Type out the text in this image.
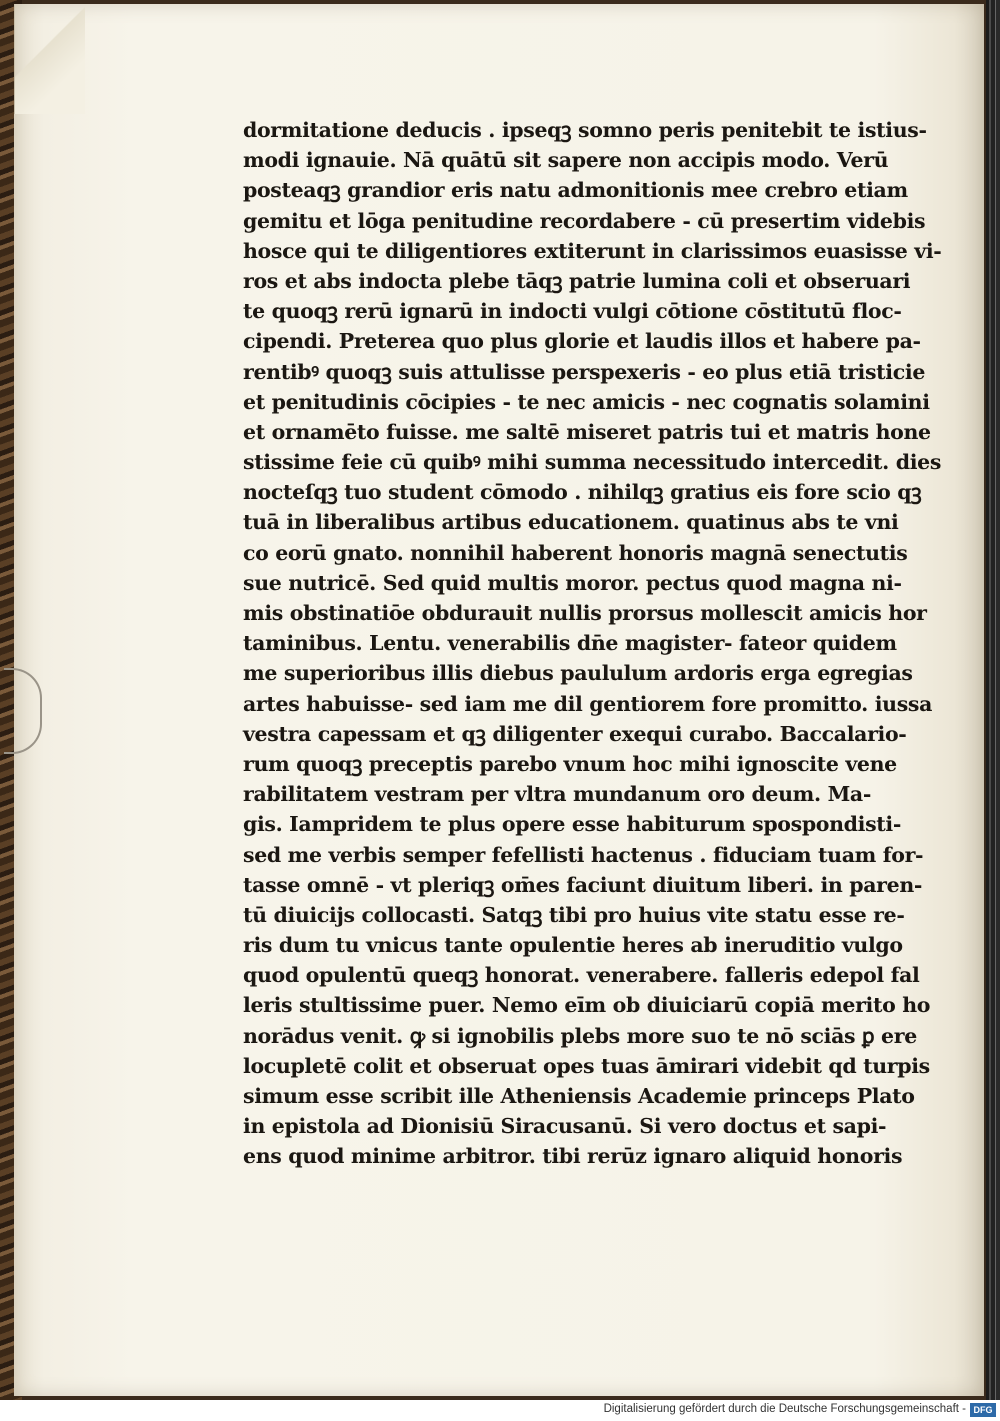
dormitatione deducis . ipseqꝫ somno peris penitebit te istius-
modi ignauie. Nā quātū sit sapere non accipis modo. Verū
posteaqꝫ grandior eris natu admonitionis mee crebro etiam
gemitu et lōga penitudine recordabere - cū presertim videbis
hosce qui te diligentiores extiterunt in clarissimos euasisse vi-
ros et abs indocta plebe tāqꝫ patrie lumina coli et obseruari
te quoqꝫ rerū ignarū in indocti vulgi cōtione cōstitutū floc-
cipendi. Preterea quo plus glorie et laudis illos et habere pa-
rentibꝰ quoqꝫ suis attulisse perspexeris - eo plus etiā tristicie
et penitudinis cōcipies - te nec amicis - nec cognatis solamini
et ornamēto fuisse. me saltē miseret patris tui et matris hone
stissime feie cū quibꝰ mihi summa necessitudo intercedit. dies
nocteſqꝫ tuo student cōmodo . nihilqꝫ gratius eis fore scio qꝫ
tuā in liberalibus artibus educationem. quatinus abs te vni
co eorū gnato. nonnihil haberent honoris magnā senectutis
sue nutricē. Sed quid multis moror. pectus quod magna ni-
mis obstinatiōe obdurauit nullis prorsus mollescit amicis hor
taminibus. Lentu. venerabilis dn̄e magister- fateor quidem
me superioribus illis diebus paululum ardoris erga egregias
artes habuisse- sed iam me dil gentiorem fore promitto. iussa
vestra capessam et qꝫ diligenter exequi curabo. Baccalario-
rum quoqꝫ preceptis parebo vnum hoc mihi ignoscite vene
rabilitatem vestram per vltra mundanum oro deum. Ma-
gis. Iampridem te plus opere esse habiturum spospondisti-
sed me verbis semper fefellisti hactenus . fiduciam tuam for-
tasse omnē - vt pleriqꝫ om̄es faciunt diuitum liberi. in paren-
tū diuicijs collocasti. Satqꝫ tibi pro huius vite statu esse re-
ris dum tu vnicus tante opulentie heres ab ineruditio vulgo
quod opulentū queqꝫ honorat. venerabere. falleris edepol fal
leris stultissime puer. Nemo eīm ob diuiciarū copiā merito ho
norādus venit. ꝙ si ignobilis plebs more suo te nō sciās ꝑ ere
locupletē colit et obseruat opes tuas āmirari videbit qd turpis
simum esse scribit ille Atheniensis Academie princeps Plato
in epistola ad Dionisiū Siracusanū. Si vero doctus et sapi-
ens quod minime arbitror. tibi rerūz ignaro aliquid honoris
Digitalisierung gefördert durch die Deutsche Forschungsgemeinschaft - DFG
